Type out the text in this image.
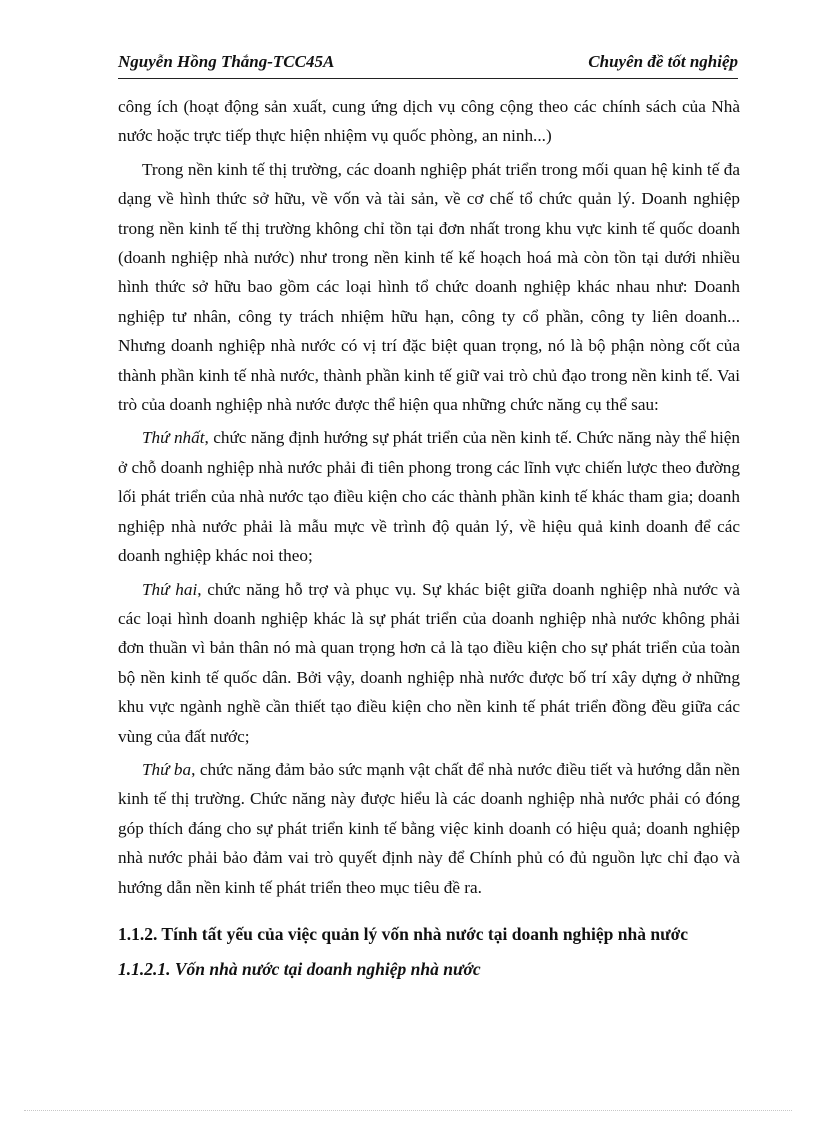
Nguyễn Hồng Thắng-TCC45A	Chuyên đề tốt nghiệp

công ích (hoạt động sản xuất, cung ứng dịch vụ công cộng theo các chính sách của Nhà nước hoặc trực tiếp thực hiện nhiệm vụ quốc phòng, an ninh...)

Trong nền kinh tế thị trường, các doanh nghiệp phát triển trong mối quan hệ kinh tế đa dạng về hình thức sở hữu, về vốn và tài sản, về cơ chế tổ chức quản lý. Doanh nghiệp trong nền kinh tế thị trường không chỉ tồn tại đơn nhất trong khu vực kinh tế quốc doanh (doanh nghiệp nhà nước) như trong nền kinh tế kế hoạch hoá mà còn tồn tại dưới nhiều hình thức sở hữu bao gồm các loại hình tổ chức doanh nghiệp khác nhau như: Doanh nghiệp tư nhân, công ty trách nhiệm hữu hạn, công ty cổ phần, công ty liên doanh... Nhưng doanh nghiệp nhà nước có vị trí đặc biệt quan trọng, nó là bộ phận nòng cốt của thành phần kinh tế nhà nước, thành phần kinh tế giữ vai trò chủ đạo trong nền kinh tế. Vai trò của doanh nghiệp nhà nước được thể hiện qua những chức năng cụ thể sau:

Thứ nhất, chức năng định hướng sự phát triển của nền kinh tế. Chức năng này thể hiện ở chỗ doanh nghiệp nhà nước phải đi tiên phong trong các lĩnh vực chiến lược theo đường lối phát triển của nhà nước tạo điều kiện cho các thành phần kinh tế khác tham gia; doanh nghiệp nhà nước phải là mẫu mực về trình độ quản lý, về hiệu quả kinh doanh để các doanh nghiệp khác noi theo;

Thứ hai, chức năng hỗ trợ và phục vụ. Sự khác biệt giữa doanh nghiệp nhà nước và các loại hình doanh nghiệp khác là sự phát triển của doanh nghiệp nhà nước không phải đơn thuần vì bản thân nó mà quan trọng hơn cả là tạo điều kiện cho sự phát triển của toàn bộ nền kinh tế quốc dân. Bởi vậy, doanh nghiệp nhà nước được bố trí xây dựng ở những khu vực ngành nghề cần thiết tạo điều kiện cho nền kinh tế phát triển đồng đều giữa các vùng của đất nước;

Thứ ba, chức năng đảm bảo sức mạnh vật chất để nhà nước điều tiết và hướng dẫn nền kinh tế thị trường. Chức năng này được hiểu là các doanh nghiệp nhà nước phải có đóng góp thích đáng cho sự phát triển kinh tế bằng việc kinh doanh có hiệu quả; doanh nghiệp nhà nước phải bảo đảm vai trò quyết định này để Chính phủ có đủ nguồn lực chỉ đạo và hướng dẫn nền kinh tế phát triển theo mục tiêu đề ra.

1.1.2. Tính tất yếu của việc quản lý vốn nhà nước tại doanh nghiệp nhà nước

1.1.2.1. Vốn nhà nước tại doanh nghiệp nhà nước
